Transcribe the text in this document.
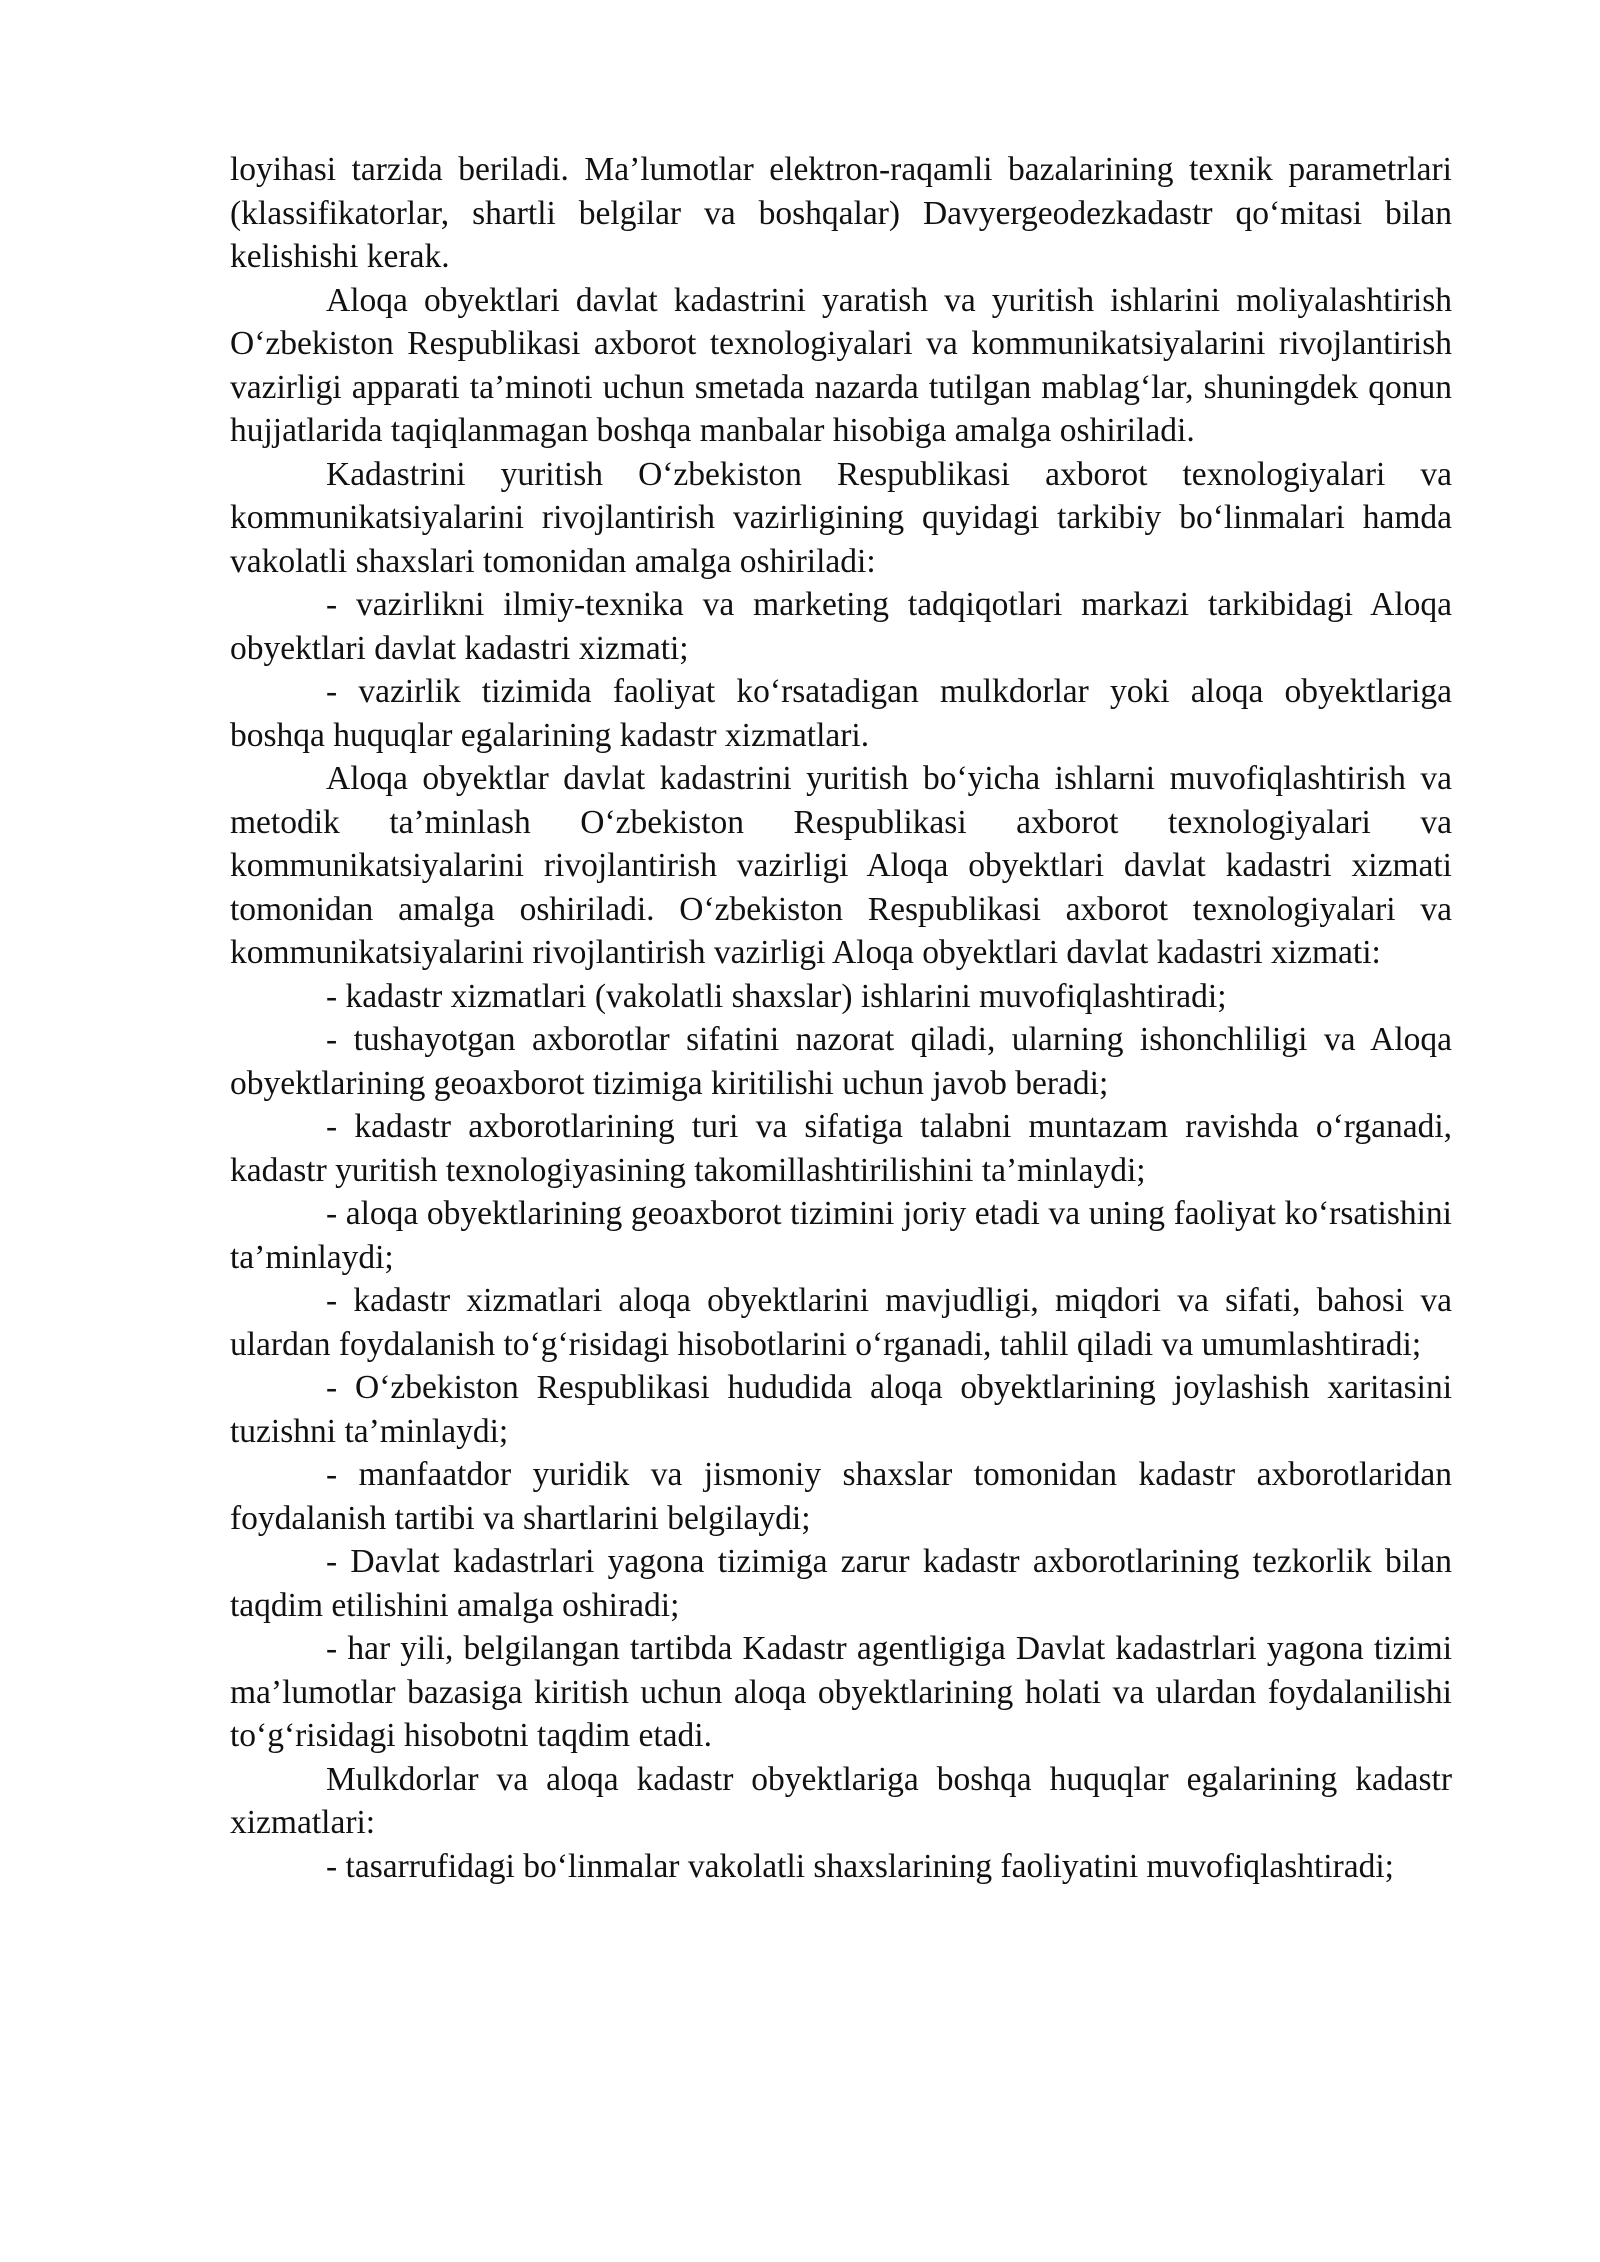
loyihasi tarzida beriladi. Ma’lumotlar elektron-raqamli bazalarining texnik parametrlari (klassifikatorlar, shartli belgilar va boshqalar) Davyergeodezkadastr qo‘mitasi bilan kelishishi kerak.

Aloqa obyektlari davlat kadastrini yaratish va yuritish ishlarini moliyalashtirish O‘zbekiston Respublikasi axborot texnologiyalari va kommunikatsiyalarini rivojlantirish vazirligi apparati ta’minoti uchun smetada nazarda tutilgan mablag‘lar, shuningdek qonun hujjatlarida taqiqlanmagan boshqa manbalar hisobiga amalga oshiriladi.

Kadastrini yuritish O‘zbekiston Respublikasi axborot texnologiyalari va kommunikatsiyalarini rivojlantirish vazirligining quyidagi tarkibiy bo‘linmalari hamda vakolatli shaxslari tomonidan amalga oshiriladi:

- vazirlikni ilmiy-texnika va marketing tadqiqotlari markazi tarkibidagi Aloqa obyektlari davlat kadastri xizmati;

- vazirlik tizimida faoliyat ko‘rsatadigan mulkdorlar yoki aloqa obyektlariga boshqa huquqlar egalarining kadastr xizmatlari.

Aloqa obyektlar davlat kadastrini yuritish bo‘yicha ishlarni muvofiqlashtirish va metodik ta’minlash O‘zbekiston Respublikasi axborot texnologiyalari va kommunikatsiyalarini rivojlantirish vazirligi Aloqa obyektlari davlat kadastri xizmati tomonidan amalga oshiriladi. O‘zbekiston Respublikasi axborot texnologiyalari va kommunikatsiyalarini rivojlantirish vazirligi Aloqa obyektlari davlat kadastri xizmati:

- kadastr xizmatlari (vakolatli shaxslar) ishlarini muvofiqlashtiradi;

- tushayotgan axborotlar sifatini nazorat qiladi, ularning ishonchliligi va Aloqa obyektlarining geoaxborot tizimiga kiritilishi uchun javob beradi;

- kadastr axborotlarining turi va sifatiga talabni muntazam ravishda o‘rganadi, kadastr yuritish texnologiyasining takomillashtirilishini ta’minlaydi;

- aloqa obyektlarining geoaxborot tizimini joriy etadi va uning faoliyat ko‘rsatishini ta’minlaydi;

- kadastr xizmatlari aloqa obyektlarini mavjudligi, miqdori va sifati, bahosi va ulardan foydalanish to‘g‘risidagi hisobotlarini o‘rganadi, tahlil qiladi va umumlashtiradi;

- O‘zbekiston Respublikasi hududida aloqa obyektlarining joylashish xaritasini tuzishni ta’minlaydi;

- manfaatdor yuridik va jismoniy shaxslar tomonidan kadastr axborotlaridan foydalanish tartibi va shartlarini belgilaydi;

- Davlat kadastrlari yagona tizimiga zarur kadastr axborotlarining tezkorlik bilan taqdim etilishini amalga oshiradi;

- har yili, belgilangan tartibda Kadastr agentligiga Davlat kadastrlari yagona tizimi ma’lumotlar bazasiga kiritish uchun aloqa obyektlarining holati va ulardan foydalanilishi to‘g‘risidagi hisobotni taqdim etadi.

Mulkdorlar va aloqa kadastr obyektlariga boshqa huquqlar egalarining kadastr xizmatlari:

- tasarrufidagi bo‘linmalar vakolatli shaxslarining faoliyatini muvofiqlashtiradi;
